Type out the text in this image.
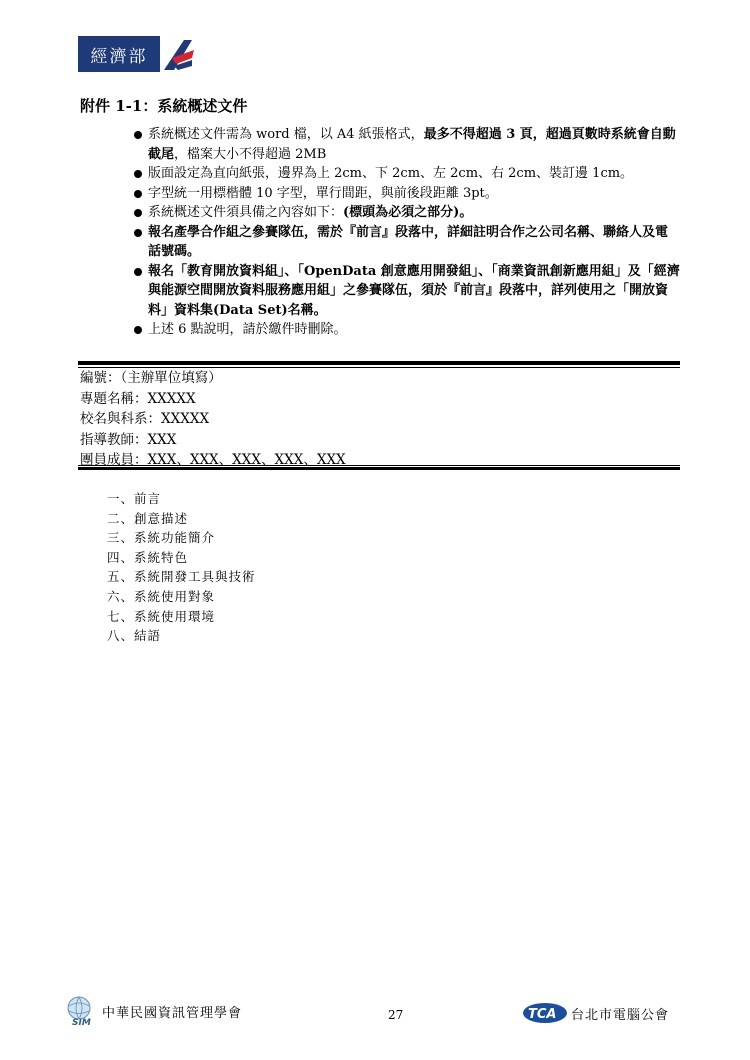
經濟部
附件 1-1：系統概述文件
系統概述文件需為 word 檔，以 A4 紙張格式，最多不得超過 3 頁，超過頁數時系統會自動截尾，檔案大小不得超過 2MB
版面設定為直向紙張，邊界為上 2cm、下 2cm、左 2cm、右 2cm、裝訂邊 1cm。
字型統一用標楷體 10 字型，單行間距，與前後段距離 3pt。
系統概述文件須具備之內容如下：(標頭為必須之部分)。
報名產學合作組之參賽隊伍，需於『前言』段落中，詳細註明合作之公司名稱、聯絡人及電話號碼。
報名「教育開放資料組」、「OpenData 創意應用開發組」、「商業資訊創新應用組」及「經濟與能源空間開放資料服務應用組」之參賽隊伍，須於『前言』段落中，詳列使用之「開放資料」資料集(Data Set)名稱。
上述 6 點說明，請於繳件時刪除。
編號：（主辦單位填寫）
專題名稱：XXXXX
校名與科系：XXXXX
指導教師：XXX
團員成員：XXX、XXX、XXX、XXX、XXX
一、前言
二、創意描述
三、系統功能簡介
四、系統特色
五、系統開發工具與技術
六、系統使用對象
七、系統使用環境
八、結語
SIM
中華民國資訊管理學會	27	TCA 台北市電腦公會
